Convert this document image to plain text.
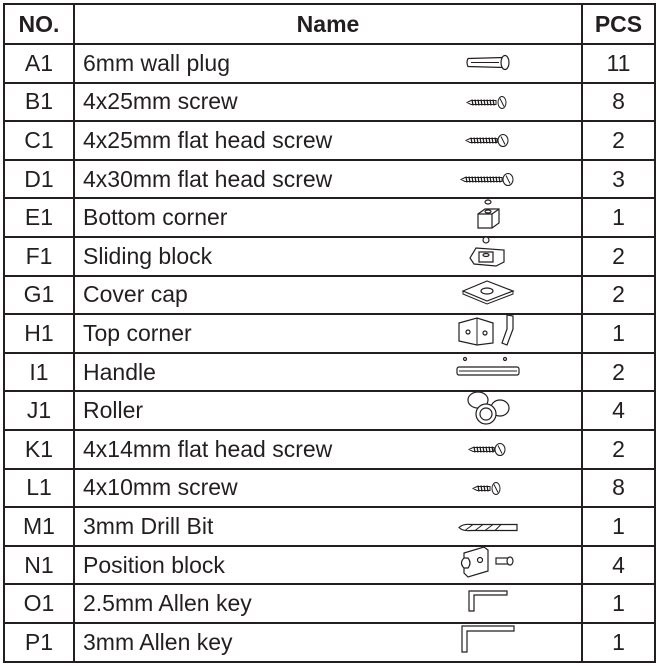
NO.	Name	PCS
A1	6mm wall plug	11
B1	4x25mm screw	8
C1	4x25mm flat head screw	2
D1	4x30mm flat head screw	3
E1	Bottom corner	1
F1	Sliding block	2
G1	Cover cap	2
H1	Top corner	1
I1	Handle	2
J1	Roller	4
K1	4x14mm flat head screw	2
L1	4x10mm screw	8
M1	3mm Drill Bit	1
N1	Position block	4
O1	2.5mm Allen key	1
P1	3mm Allen key	1
